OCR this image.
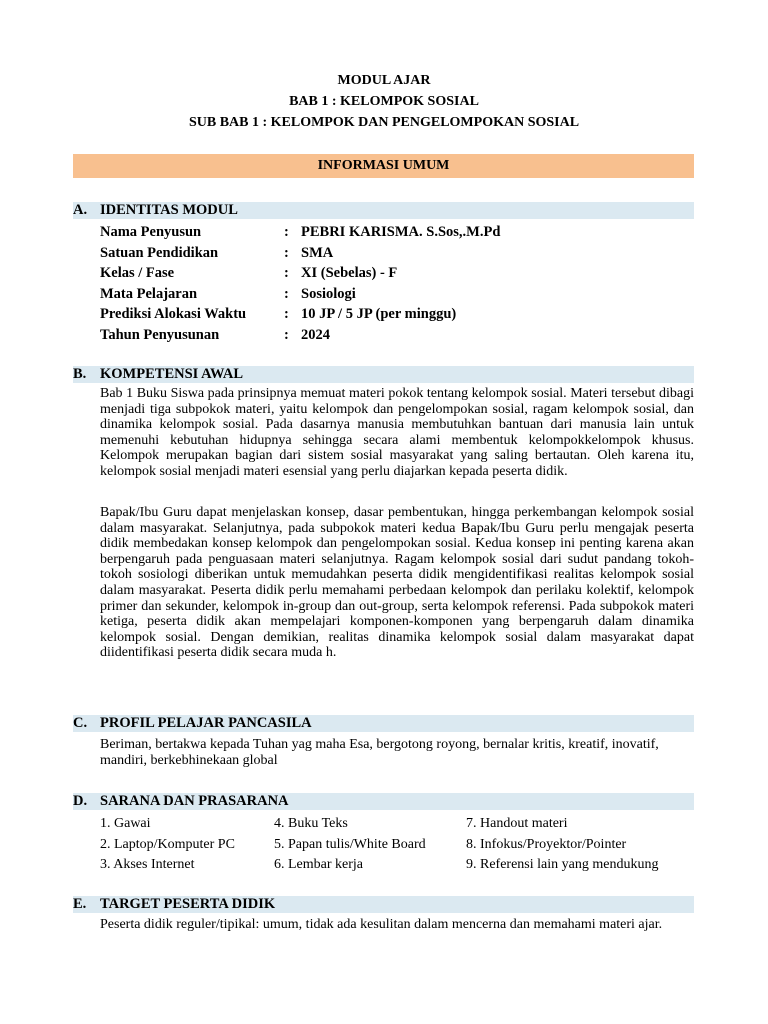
MODUL AJAR
BAB 1 : KELOMPOK SOSIAL
SUB BAB 1 : KELOMPOK DAN PENGELOMPOKAN SOSIAL
INFORMASI UMUM
A. IDENTITAS MODUL
Nama Penyusun	: PEBRI KARISMA. S.Sos,.M.Pd
Satuan Pendidikan	: SMA
Kelas / Fase	: XI (Sebelas) - F
Mata Pelajaran	: Sosiologi
Prediksi Alokasi Waktu	: 10 JP / 5 JP (per minggu)
Tahun Penyusunan	: 2024
B. KOMPETENSI AWAL
Bab 1 Buku Siswa pada prinsipnya memuat materi pokok tentang kelompok sosial. Materi tersebut dibagi menjadi tiga subpokok materi, yaitu kelompok dan pengelompokan sosial, ragam kelompok sosial, dan dinamika kelompok sosial. Pada dasarnya manusia membutuhkan bantuan dari manusia lain untuk memenuhi kebutuhan hidupnya sehingga secara alami membentuk kelompokkelompok khusus. Kelompok merupakan bagian dari sistem sosial masyarakat yang saling bertautan. Oleh karena itu, kelompok sosial menjadi materi esensial yang perlu diajarkan kepada peserta didik.
Bapak/Ibu Guru dapat menjelaskan konsep, dasar pembentukan, hingga perkembangan kelompok sosial dalam masyarakat. Selanjutnya, pada subpokok materi kedua Bapak/Ibu Guru perlu mengajak peserta didik membedakan konsep kelompok dan pengelompokan sosial. Kedua konsep ini penting karena akan berpengaruh pada penguasaan materi selanjutnya. Ragam kelompok sosial dari sudut pandang tokoh-tokoh sosiologi diberikan untuk memudahkan peserta didik mengidentifikasi realitas kelompok sosial dalam masyarakat. Peserta didik perlu memahami perbedaan kelompok dan perilaku kolektif, kelompok primer dan sekunder, kelompok in-group dan out-group, serta kelompok referensi. Pada subpokok materi ketiga, peserta didik akan mempelajari komponen-komponen yang berpengaruh dalam dinamika kelompok sosial. Dengan demikian, realitas dinamika kelompok sosial dalam masyarakat dapat diidentifikasi peserta didik secara muda h.
C. PROFIL PELAJAR PANCASILA
Beriman, bertakwa kepada Tuhan yag maha Esa, bergotong royong, bernalar kritis, kreatif, inovatif, mandiri, berkebhinekaan global
D. SARANA DAN PRASARANA
1. Gawai	4. Buku Teks	7. Handout materi
2. Laptop/Komputer PC	5. Papan tulis/White Board	8. Infokus/Proyektor/Pointer
3. Akses Internet	6. Lembar kerja	9. Referensi lain yang mendukung
E. TARGET PESERTA DIDIK
Peserta didik reguler/tipikal: umum, tidak ada kesulitan dalam mencerna dan memahami materi ajar.
